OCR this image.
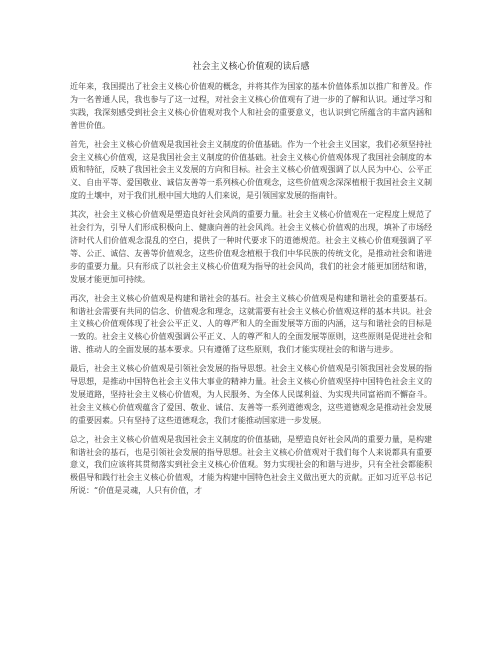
社会主义核心价值观的读后感

近年来，我国提出了社会主义核心价值观的概念，并将其作为国家的基本价值体系加以推广和普及。作为一名普通人民，我也参与了这一过程，对社会主义核心价值观有了进一步的了解和认识。通过学习和实践，我深刻感受到社会主义核心价值观对我个人和社会的重要意义，也认识到它所蕴含的丰富内涵和普世价值。

首先，社会主义核心价值观是我国社会主义制度的价值基础。作为一个社会主义国家，我们必须坚持社会主义核心价值观，这是我国社会主义制度的价值基础。社会主义核心价值观体现了我国社会制度的本质和特征，反映了我国社会主义发展的方向和目标。社会主义核心价值观强调了以人民为中心、公平正义、自由平等、爱国敬业、诚信友善等一系列核心价值观念，这些价值观念深深植根于我国社会主义制度的土壤中，对于我们扎根中国大地的人们来说，是引领国家发展的指南针。

其次，社会主义核心价值观是塑造良好社会风尚的重要力量。社会主义核心价值观在一定程度上规范了社会行为，引导人们形成积极向上、健康向善的社会风尚。社会主义核心价值观的出现，填补了市场经济时代人们价值观念混乱的空白，提供了一种时代要求下的道德规范。社会主义核心价值观强调了平等、公正、诚信、友善等价值观念，这些价值观念植根于我们中华民族的传统文化，是推动社会和谐进步的重要力量。只有形成了以社会主义核心价值观为指导的社会风尚，我们的社会才能更加团结和谐，发展才能更加可持续。

再次，社会主义核心价值观是构建和谐社会的基石。社会主义核心价值观是构建和谐社会的重要基石。和谐社会需要有共同的信念、价值观念和理念，这就需要有社会主义核心价值观这样的基本共识。社会主义核心价值观体现了社会公平正义、人的尊严和人的全面发展等方面的内涵，这与和谐社会的目标是一致的。社会主义核心价值观强调公平正义、人的尊严和人的全面发展等原则，这些原则是促进社会和谐、推动人的全面发展的基本要求。只有遵循了这些原则，我们才能实现社会的和谐与进步。

最后，社会主义核心价值观是引领社会发展的指导思想。社会主义核心价值观是引领我国社会发展的指导思想，是推动中国特色社会主义伟大事业的精神力量。社会主义核心价值观坚持中国特色社会主义的发展道路，坚持社会主义核心价值观，为人民服务、为全体人民谋利益、为实现共同富裕而不懈奋斗。社会主义核心价值观蕴含了爱国、敬业、诚信、友善等一系列道德观念，这些道德观念是推动社会发展的重要因素。只有坚持了这些道德观念，我们才能推动国家进一步发展。

总之，社会主义核心价值观是我国社会主义制度的价值基础，是塑造良好社会风尚的重要力量，是构建和谐社会的基石，也是引领社会发展的指导思想。社会主义核心价值观对于我们每个人来说都具有重要意义，我们应该将其贯彻落实到社会主义核心价值观。努力实现社会的和谐与进步，只有全社会都能积极倡导和践行社会主义核心价值观，才能为构建中国特色社会主义做出更大的贡献。正如习近平总书记所说：“价值是灵魂，人只有价值，才
